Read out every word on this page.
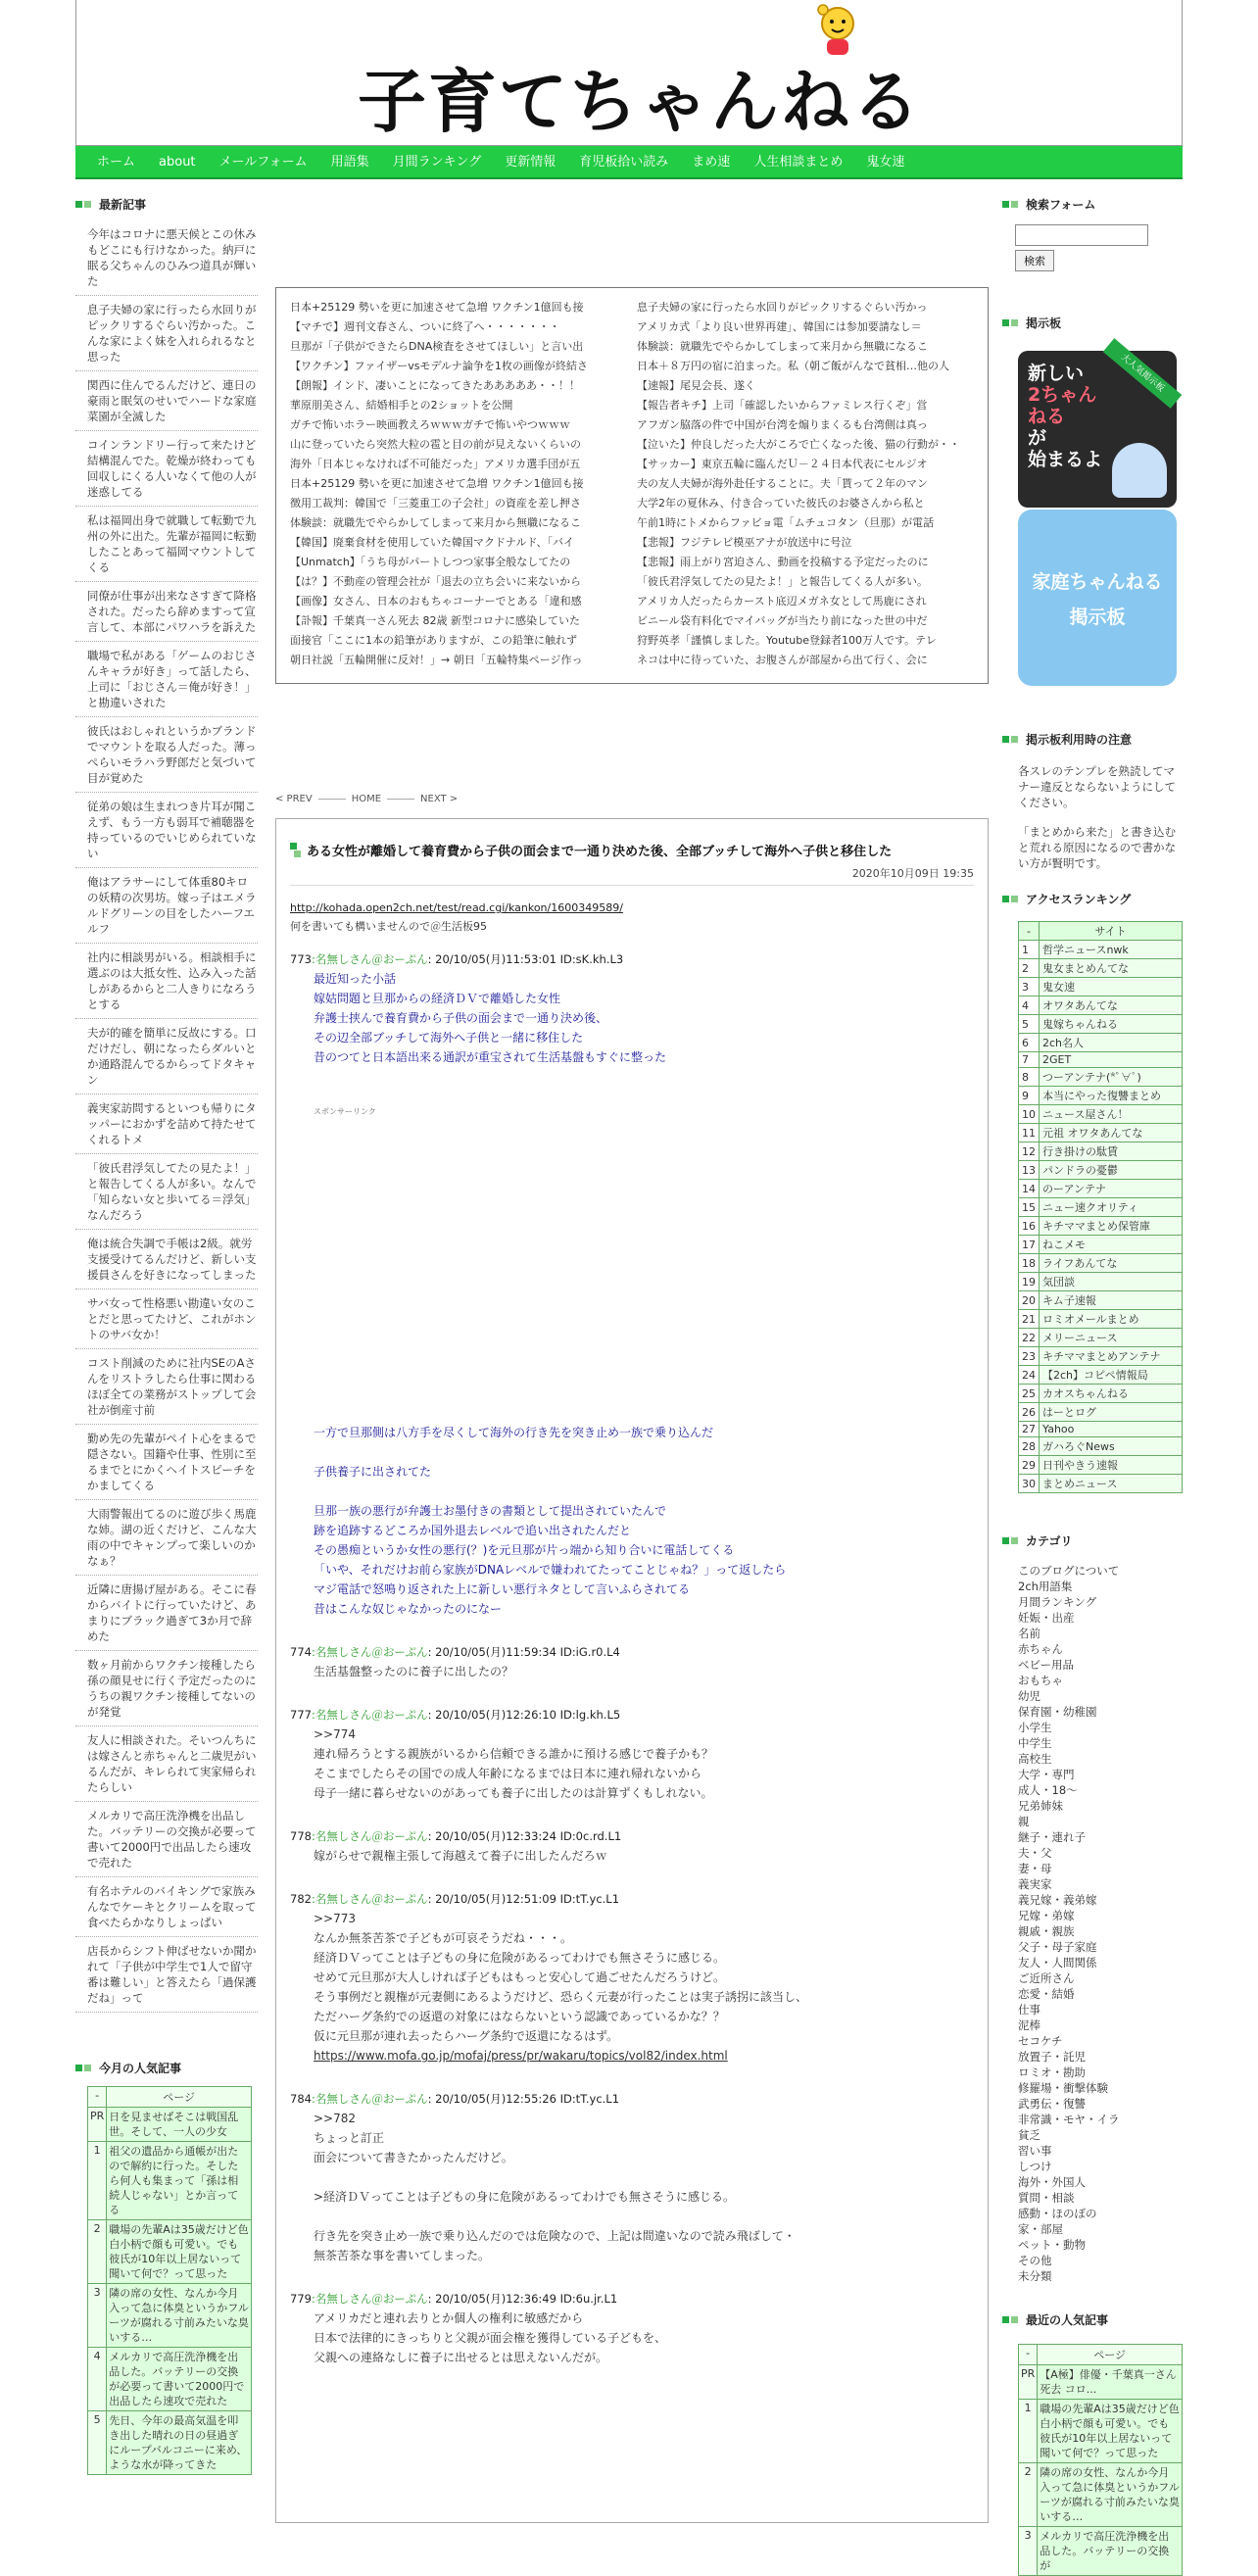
子育てちゃんねる
ホーム	about	メールフォーム	用語集	月間ランキング	更新情報	育児板拾い読み	まめ速	人生相談まとめ	鬼女速
最新記事
今年はコロナに悪天候とこの休みもどこにも行けなかった。納戸に眠る父ちゃんのひみつ道具が輝いた
息子夫婦の家に行ったら水回りがピックリするぐらい汚かった。こんな家によく妹を入れられるなと思った
関西に住んでるんだけど、連日の豪雨と眠気のせいでハードな家庭菜園が全滅した
コインランドリー行って来たけど結構混んでた。乾燥が終わっても回収しにくる人いなくて他の人が迷惑してる
私は福岡出身で就職して転勤で九州の外に出た。先輩が福岡に転勤したことあって福岡マウントしてくる
同僚が仕事が出来なさすぎて降格された。だったら辞めますって宣言して、本部にパワハラを訴えた
職場で私がある「ゲームのおじさんキャラが好き」って話したら、上司に「おじさん＝俺が好き！」と勘違いされた
彼氏はおしゃれというかブランドでマウントを取る人だった。薄っぺらいモラハラ野郎だと気づいて目が覚めた
従弟の娘は生まれつき片耳が聞こえず、もう一方も弱耳で補聴器を持っているのでいじめられていない
俺はアラサーにして体重80キロの妖精の次男坊。嫁っ子はエメラルドグリーンの目をしたハーフエルフ
社内に相談男がいる。相談相手に選ぶのは大抵女性、込み入った話しがあるからと二人きりになろうとする
夫が的確を簡単に反故にする。口だけだし、朝になったらダルいとか通路混んでるからってドタキャン
義実家訪問するといつも帰りにタッパーにおかずを詰めて持たせてくれるトメ
「彼氏君浮気してたの見たよ！」と報告してくる人が多い。なんで「知らない女と歩いてる＝浮気」なんだろう
俺は統合失調で手帳は2級。就労支援受けてるんだけど、新しい支援員さんを好きになってしまった
サバ女って性格悪い勘違い女のことだと思ってたけど、これがホントのサバ女か！
コスト削減のために社内SEのAさんをリストラしたら仕事に関わるほぼ全ての業務がストップして会社が倒産寸前
勤め先の先輩がペイト心をまるで隠さない。国籍や仕事、性別に至るまでとにかくヘイトスピーチをかましてくる
大雨警報出てるのに遊び歩く馬鹿な姉。湖の近くだけど、こんな大雨の中でキャンプって楽しいのかなぁ？
近隣に唐揚げ屋がある。そこに春からバイトに行っていたけど、あまりにブラック過ぎて3か月で辞めた
数ヶ月前からワクチン接種したら孫の顔見せに行く予定だったのにうちの親ワクチン接種してないのが発覚
友人に相談された。そいつんちには嫁さんと赤ちゃんと二歳児がいるんだが、キレられて実家帰られたらしい
メルカリで高圧洗浄機を出品した。バッテリーの交換が必要って書いて2000円で出品したら速攻で売れた
有名ホテルのバイキングで家族みんなでケーキとクリームを取って食べたらかなりしょっぱい
店長からシフト伸ばせないか聞かれて「子供が中学生で1人で留守番は難しい」と答えたら「過保護だね」って
今月の人気記事
-	ページ
PR	日を見ませばそこは戦国乱世。そして、一人の少女
1	祖父の遺品から通帳が出たので解約に行った。そしたら何人も集まって「孫は相続人じゃない」とか言ってる
2	職場の先輩Aは35歳だけど色白小柄で顔も可愛い。でも彼氏が10年以上居ないって聞いて何で？って思った
3	隣の席の女性、なんか今月入って急に体臭というかフルーツが腐れる寸前みたいな臭いする…
4	メルカリで高圧洗浄機を出品した。バッテリーの交換が必要って書いて2000円で出品したら速攻で売れた
5	先日、今年の最高気温を叩き出した晴れの日の昼過ぎにループバルコニーに来め、ような水が降ってきた
日本+25129 勢いを更に加速させて急増 ワクチン1億回も接
【マチで】週刊文春さん、ついに終了へ・・・・・・・
旦那が「子供ができたらDNA検査をさせてほしい」と言い出
【ワクチン】ファイザーvsモデルナ論争を1枚の画像が終結さ
【朗報】インド、凄いことになってきたあああああ・・！！
華原朋美さん、結婚相手との2ショットを公開
ガチで怖いホラー映画教えろｗｗｗガチで怖いやつｗｗｗ
山に登っていたら突然大粒の雹と目の前が見えないくらいの
海外「日本じゃなければ不可能だった」アメリカ選手団が五
日本+25129 勢いを更に加速させて急増 ワクチン1億回も接
徴用工裁判：韓国で「三菱重工の子会社」の資産を差し押さ
体験談：就職先でやらかしてしまって来月から無職になるこ
【韓国】廃棄食材を使用していた韓国マクドナルド、「バイ
【Unmatch】「うち母がパートしつつ家事全般なしてたの
【は？】不動産の管理会社が「退去の立ち会いに来ないから
【画像】女さん、日本のおもちゃコーナーでとある「違和感
【訃報】千葉真一さん死去 82歳 新型コロナに感染していた
面接官「ここに1本の鉛筆がありますが、この鉛筆に触れず
朝日社説「五輪開催に反対！」→ 朝日「五輪特集ページ作っ
息子夫婦の家に行ったら水回りがピックリするぐらい汚かっ
アメリカ式「より良い世界再建」、韓国には参加要請なし＝
体験談：就職先でやらかしてしまって来月から無職になるこ
日本＋８万円の宿に泊まった。私（朝ご飯がんなで貧相…他の人
【速報】尾見会長、遂く
【報告者キチ】上司「確認したいからファミレス行くぞ」営
アフガン脇落の件で中国が台湾を煽りまくるも台湾側は真っ
【泣いた】仲良しだった大がころで亡くなった後、猫の行動が・・
【サッカー】東京五輪に臨んだＵ－２４日本代表にセルジオ
夫の友人夫婦が海外赴任することに。夫「貰って２年のマン
大学2年の夏休み、付き合っていた彼氏のお婆さんから私と
午前1時にトメからファビョ電「ムチュコタン（旦那）が電話
【悲報】フジテレビ模巫アナが放送中に号泣
【悲報】雨上がり宮迫さん、動画を投稿する予定だったのに
「彼氏君浮気してたの見たよ！」と報告してくる人が多い。
アメリカ人だったらカースト底辺メガネ女として馬鹿にされ
ビニール袋有料化でマイバッグが当たり前になった世の中だ
狩野英孝「謹慎しました。Youtube登録者100万人です。テレ
ネコは中に待っていた、お腹さんが部屋から出て行く、会に
< PREV	HOME	NEXT >
ある女性が離婚して養育費から子供の面会まで一通り決めた後、全部ブッチして海外へ子供と移住した
2020年10月09日 19:35
http://kohada.open2ch.net/test/read.cgi/kankon/1600349589/
何を書いても構いませんので＠生活板95
773:名無しさん＠おーぷん: 20/10/05(月)11:53:01 ID:sK.kh.L3
最近知った小話
嫁姑問題と旦那からの経済ＤＶで離婚した女性
弁護士挟んで養育費から子供の面会まで一通り決め後、
その辺全部ブッチして海外へ子供と一緒に移住した
昔のつてと日本語出来る通訳が重宝されて生活基盤もすぐに整った
スポンサーリンク
一方で旦那側は八方手を尽くして海外の行き先を突き止め一族で乗り込んだ
子供養子に出されてた
旦那一族の悪行が弁護士お墨付きの書類として提出されていたんで
跡を追跡するどころか国外退去レベルで追い出されたんだと
その愚痴というか女性の悪行(？)を元旦那が片っ端から知り合いに電話してくる
「いや、それだけお前ら家族がDNAレベルで嫌われてたってことじゃね？」って返したら
マジ電話で怒鳴り返された上に新しい悪行ネタとして言いふらされてる
昔はこんな奴じゃなかったのになー
774:名無しさん＠おーぷん: 20/10/05(月)11:59:34 ID:iG.r0.L4
生活基盤整ったのに養子に出したの？
777:名無しさん＠おーぷん: 20/10/05(月)12:26:10 ID:lg.kh.L5
>>774
連れ帰ろうとする親族がいるから信頼できる誰かに預ける感じで養子かも？
そこまでしたらその国での成人年齢になるまでは日本に連れ帰れないから
母子一緒に暮らせないのがあっても養子に出したのは計算ずくもしれない。
778:名無しさん＠おーぷん: 20/10/05(月)12:33:24 ID:0c.rd.L1
嫁がらせで親権主張して海越えて養子に出したんだろｗ
782:名無しさん＠おーぷん: 20/10/05(月)12:51:09 ID:tT.yc.L1
>>773
なんか無茶苦茶で子どもが可哀そうだね・・・。
経済ＤＶってことは子どもの身に危険があるってわけでも無さそうに感じる。
せめて元旦那が大人しければ子どもはもっと安心して過ごせたんだろうけど。
そう事例だと親権が元妻側にあるようだけど、恐らく元妻が行ったことは実子誘拐に該当し、
ただハーグ条約での返還の対象にはならないという認識であっているかな？？
仮に元旦那が連れ去ったらハーグ条約で返還になるはず。
https://www.mofa.go.jp/mofaj/press/pr/wakaru/topics/vol82/index.html
784:名無しさん＠おーぷん: 20/10/05(月)12:55:26 ID:tT.yc.L1
>>782
ちょっと訂正
面会について書きたかったんだけど。
>経済ＤＶってことは子どもの身に危険があるってわけでも無さそうに感じる。
行き先を突き止め一族で乗り込んだのでは危険なので、上記は間違いなので読み飛ばして・
無茶苦茶な事を書いてしまった。
779:名無しさん＠おーぷん: 20/10/05(月)12:36:49 ID:6u.jr.L1
アメリカだと連れ去りとか個人の権利に敏感だから
日本で法律的にきっちりと父親が面会権を獲得している子どもを、
父親への連絡なしに養子に出せるとは思えないんだが。
検索フォーム
検索
掲示板
大人気掲示板
新しい
2ちゃんねる
が
始まるよ
家庭ちゃんねる
掲示板
掲示板利用時の注意

各スレのテンプレを熟読してマナー違反とならないようにしてください。

「まとめから来た」と書き込むと荒れる原因になるので書かない方が賢明です。

アクセスランキング
-	サイト
1	哲学ニュースnwk
2	鬼女まとめんてな
3	鬼女速
4	オワタあんてな
5	鬼嫁ちゃんねる
6	2ch名人
7	2GET
8	つーアンテナ(*ﾟ∀ﾟ)
9	本当にやった復讐まとめ
10	ニュース屋さん！
11	元祖 オワタあんてな
12	行き掛けの駄賃
13	パンドラの憂鬱
14	のーアンテナ
15	ニュー速クオリティ
16	キチママまとめ保管庫
17	ねこメモ
18	ライフあんてな
19	気団談
20	キム子速報
21	ロミオメールまとめ
22	メリーニュース
23	キチママまとめアンテナ
24	【2ch】コピペ情報局
25	カオスちゃんねる
26	はーとログ
27	Yahoo
28	ガハろぐNews
29	日刊やきう速報
30	まとめニュース
カテゴリ
このブログについて
2ch用語集
月間ランキング
妊娠・出産
名前
赤ちゃん
ベビー用品
おもちゃ
幼児
保育園・幼稚園
小学生
中学生
高校生
大学・専門
成人・18～
兄弟姉妹
親
継子・連れ子
夫・父
妻・母
義実家
義兄嫁・義弟嫁
兄嫁・弟嫁
親戚・親族
父子・母子家庭
友人・人間関係
ご近所さん
恋愛・結婚
仕事
泥棒
セコケチ
放置子・託児
ロミオ・勘助
修羅場・衝撃体験
武勇伝・復讐
非常識・モヤ・イラ
貧乏
習い事
しつけ
海外・外国人
質問・相談
感動・ほのぼの
家・部屋
ペット・動物
その他
未分類
最近の人気記事
-	ページ
PR	【A極】俳優・千葉真一さん死去 コロ...
1	職場の先輩Aは35歳だけど色白小柄で顔も可愛い。でも彼氏が10年以上居ないって聞いて何で？って思った
2	隣の席の女性、なんか今月入って急に体臭というかフルーツが腐れる寸前みたいな臭いする…
3	メルカリで高圧洗浄機を出品した。バッテリーの交換が
